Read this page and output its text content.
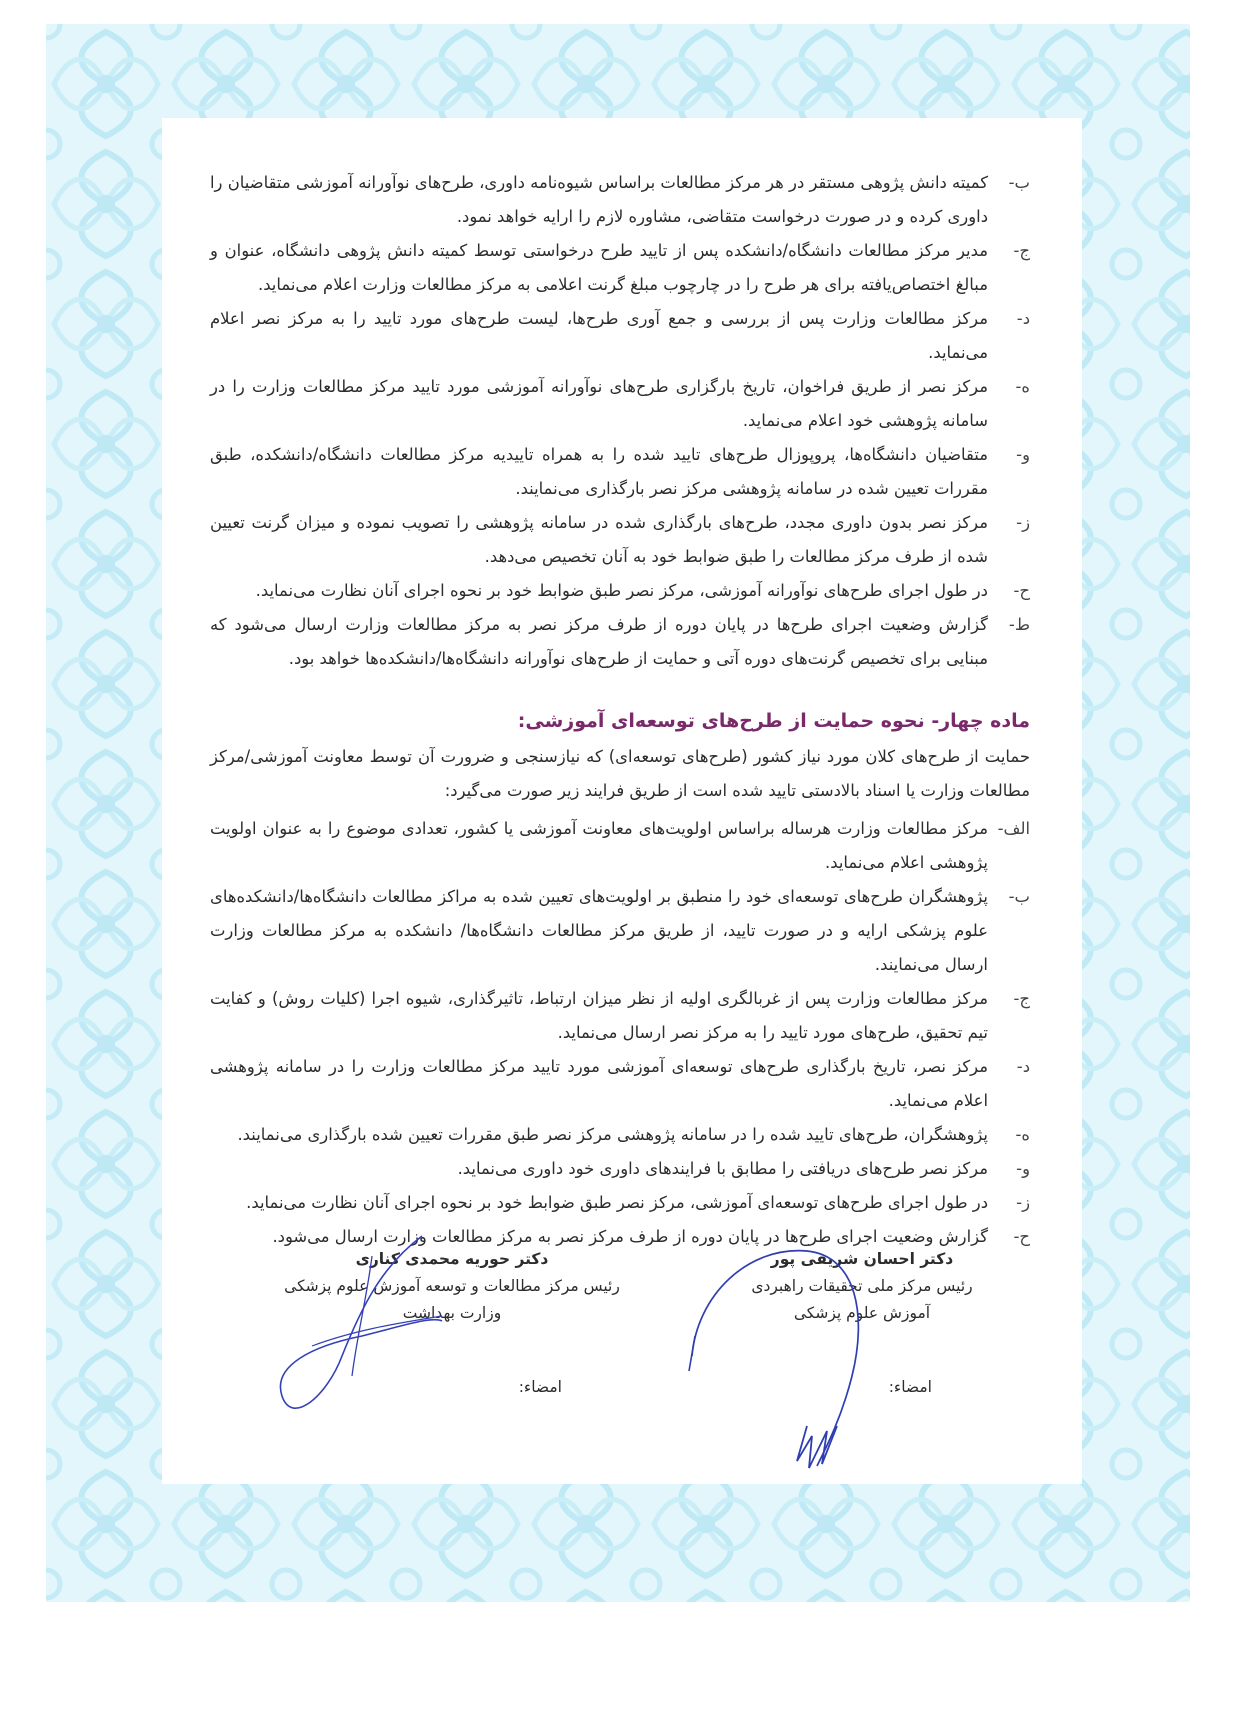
ب-
کمیته دانش پژوهی مستقر در هر مرکز مطالعات براساس شیوه‌نامه داوری، طرح‌های نوآورانه آموزشی متقاضیان را داوری کرده و در صورت درخواست متقاضی، مشاوره لازم را ارایه خواهد نمود.
ج-
مدیر مرکز مطالعات دانشگاه/دانشکده پس از تایید طرح درخواستی توسط کمیته دانش پژوهی دانشگاه، عنوان و مبالغ اختصاص‌یافته برای هر طرح را در چارچوب مبلغ گرنت اعلامی به مرکز مطالعات وزارت اعلام می‌نماید.
د-
مرکز مطالعات وزارت پس از بررسی و جمع آوری طرح‌ها، لیست طرح‌های مورد تایید را به مرکز نصر اعلام می‌نماید.
ه-
مرکز نصر از طریق فراخوان، تاریخ بارگزاری طرح‌های نوآورانه آموزشی مورد تایید مرکز مطالعات وزارت را در سامانه پژوهشی خود اعلام می‌نماید.
و-
متقاضیان دانشگاه‌ها، پروپوزال طرح‌های تایید شده را به همراه تاییدیه مرکز مطالعات دانشگاه/دانشکده، طبق مقررات تعیین شده در سامانه پژوهشی مرکز نصر بارگذاری می‌نمایند.
ز-
مرکز نصر بدون داوری مجدد، طرح‌های بارگذاری شده در سامانه پژوهشی را تصویب نموده و میزان گرنت تعیین شده از طرف مرکز مطالعات را طبق ضوابط خود به آنان تخصیص می‌دهد.
ح-
در طول اجرای طرح‌های نوآورانه آموزشی، مرکز نصر طبق ضوابط خود بر نحوه اجرای آنان نظارت می‌نماید.
ط-
گزارش وضعیت اجرای طرح‌ها در پایان دوره از طرف مرکز نصر به مرکز مطالعات وزارت ارسال می‌شود که مبنایی برای تخصیص گرنت‌های دوره آتی و حمایت از طرح‌های نوآورانه دانشگاه‌ها/دانشکده‌ها خواهد بود.
ماده چهار- نحوه حمایت از طرح‌های توسعه‌ای آموزشی:
حمایت از طرح‌های کلان مورد نیاز کشور (طرح‌های توسعه‌ای) که نیازسنجی و ضرورت آن توسط معاونت آموزشی/مرکز مطالعات وزارت یا اسناد بالادستی تایید شده است از طریق فرایند زیر صورت می‌گیرد:
الف-
مرکز مطالعات وزارت هرساله براساس اولویت‌های معاونت آموزشی یا کشور، تعدادی موضوع را به عنوان اولویت پژوهشی اعلام می‌نماید.
ب-
پژوهشگران طرح‌های توسعه‌ای خود را منطبق بر اولویت‌های تعیین شده به مراکز مطالعات دانشگاه‌ها/دانشکده‌های علوم پزشکی ارایه و در صورت تایید، از طریق مرکز مطالعات دانشگاه‌ها/ دانشکده به مرکز مطالعات وزارت ارسال می‌نمایند.
ج-
مرکز مطالعات وزارت پس از غربالگری اولیه از نظر میزان ارتباط، تاثیرگذاری، شیوه اجرا (کلیات روش) و کفایت تیم تحقیق، طرح‌های مورد تایید را به مرکز نصر ارسال می‌نماید.
د-
مرکز نصر، تاریخ بارگذاری طرح‌های توسعه‌ای آموزشی مورد تایید مرکز مطالعات وزارت را در سامانه پژوهشی اعلام می‌نماید.
ه-
پژوهشگران، طرح‌های تایید شده را در سامانه پژوهشی مرکز نصر طبق مقررات تعیین شده بارگذاری می‌نمایند.
و-
مرکز نصر طرح‌های دریافتی را مطابق با فرایندهای داوری خود داوری می‌نماید.
ز-
در طول اجرای طرح‌های توسعه‌ای آموزشی، مرکز نصر طبق ضوابط خود بر نحوه اجرای آنان نظارت می‌نماید.
ح-
گزارش وضعیت اجرای طرح‌ها در پایان دوره از طرف مرکز نصر به مرکز مطالعات وزارت ارسال می‌شود.
دکتر حوریه محمدی کناری
رئیس مرکز مطالعات و توسعه آموزش علوم پزشکی
وزارت بهداشت
امضاء:
دکتر احسان شریفی پور
رئیس مرکز ملی تحقیقات راهبردی
آموزش علوم پزشکی
امضاء:
